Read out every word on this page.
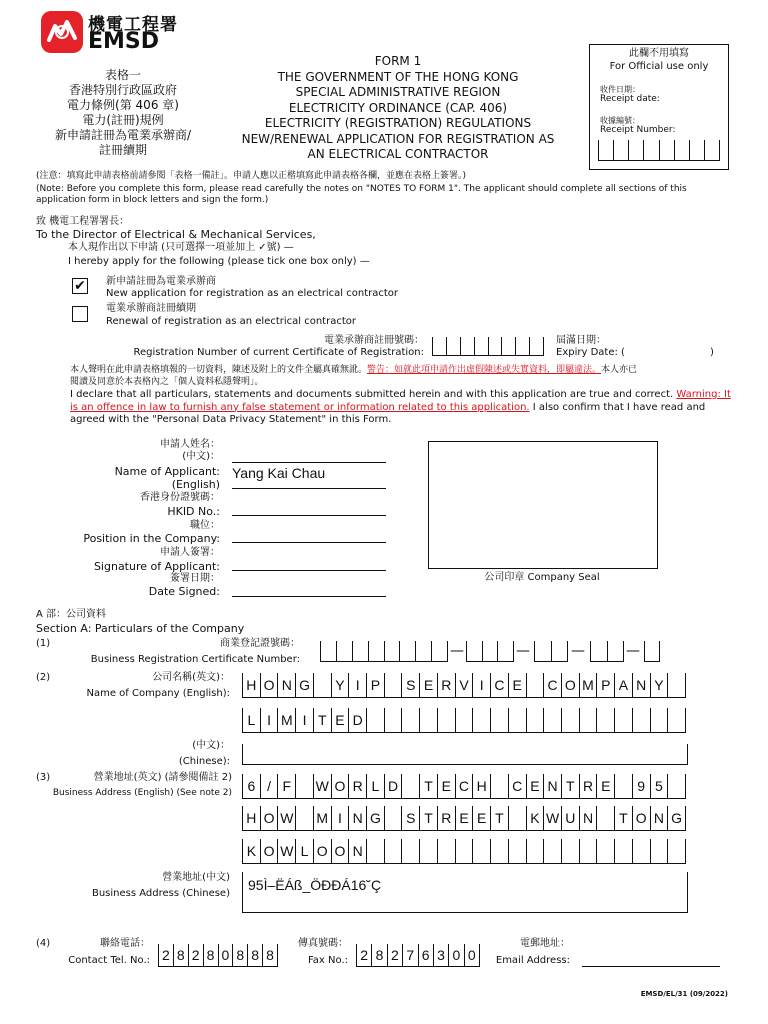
機電工程署
EMSD
表格一
香港特別行政區政府
電力條例(第 406 章)
電力(註冊)規例
新申請註冊為電業承辦商/
註冊續期
FORM 1
THE GOVERNMENT OF THE HONG KONG
SPECIAL ADMINISTRATIVE REGION
ELECTRICITY ORDINANCE (CAP. 406)
ELECTRICITY (REGISTRATION) REGULATIONS
NEW/RENEWAL APPLICATION FOR REGISTRATION AS
AN ELECTRICAL CONTRACTOR
此欄不用填寫
For Official use only
收件日期：
Receipt date:
收據編號：
Receipt Number:
(注意：填寫此申請表格前請參閱「表格一備註」。申請人應以正楷填寫此申請表格各欄，並應在表格上簽署。)
(Note: Before you complete this form, please read carefully the notes on "NOTES TO FORM 1". The applicant should complete all sections of this application form in block letters and sign the form.)
致 機電工程署署長：
To the Director of Electrical & Mechanical Services,
本人現作出以下申請 (只可選擇一項並加上 ✓號) —
I hereby apply for the following (please tick one box only) —
✔ 新申請註冊為電業承辦商
New application for registration as an electrical contractor
電業承辦商註冊續期
Renewal of registration as an electrical contractor
電業承辦商註冊號碼：
Registration Number of current Certificate of Registration:
屆滿日期：
Expiry Date: (	)
本人聲明在此申請表格填報的一切資料，陳述及附上的文件全屬真確無訛。警告：如就此項申請作出虛假陳述或失實資料，即屬違法。本人亦已
閱讀及同意於本表格內之「個人資料私隱聲明」。
I declare that all particulars, statements and documents submitted herein and with this application are true and correct. Warning: It is an offence in law to furnish any false statement or information related to this application. I also confirm that I have read and agreed with the "Personal Data Privacy Statement" in this Form.
申請人姓名：
(中文)：
Name of Applicant:
(English)
Yang Kai Chau
香港身份證號碼：
HKID No.:
職位：
Position in the Company:
申請人簽署：
Signature of Applicant:
簽署日期：
Date Signed:
公司印章 Company Seal
A 部：公司資料
Section A: Particulars of the Company
(1)	商業登記證號碼：
Business Registration Certificate Number:
—	—	—	—
(2)	公司名稱(英文)：
Name of Company (English):
H O N G	Y I P	S E R V I C E	C O M P A N Y
L I M I T E D
(中文)：
(Chinese):
(3)	營業地址(英文) (請參閱備註 2)
Business Address (English) (See note 2)	6 / F W O R L D	T E C H	C E N T R E	9 5
H O W M I N G	S T R E E T	K W U N	T O N G
K O W L O O N
營業地址(中文)
Business Address (Chinese)
95Ì–ËÁß_ÖÐÐÁ16˘Ç
(4)	聯絡電話：
Contact Tel. No.: 2 8 2 8 0 8 8 8
傳真號碼：
Fax No.: 2 8 2 7 6 3 0 0
電郵地址：
Email Address:
EMSD/EL/31 (09/2022)
